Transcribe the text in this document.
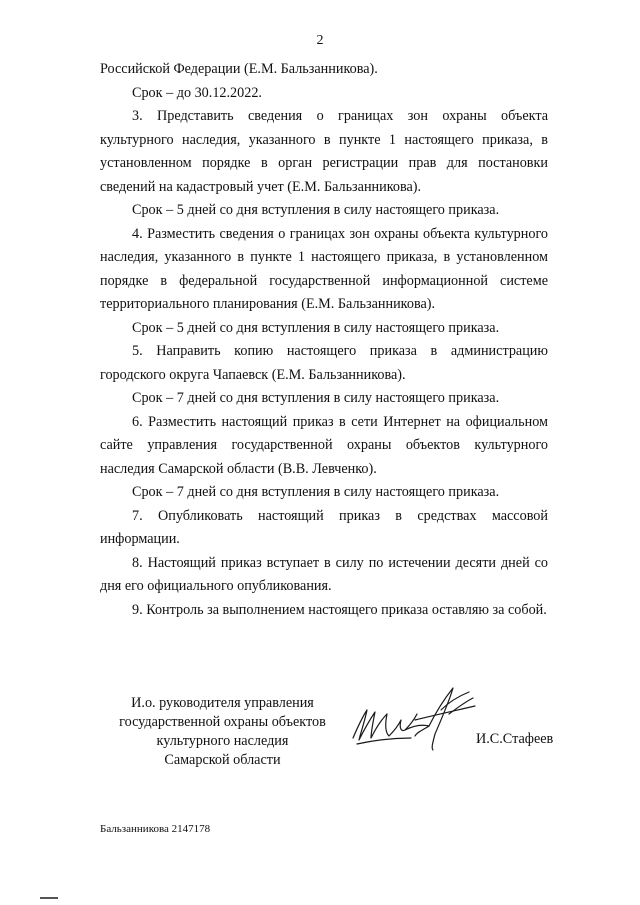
2

Российской Федерации (Е.М. Бальзанникова).

Срок – до 30.12.2022.

3. Представить сведения о границах зон охраны объекта культурного наследия, указанного в пункте 1 настоящего приказа, в установленном порядке в орган регистрации прав для постановки сведений на кадастровый учет (Е.М. Бальзанникова).

Срок – 5 дней со дня вступления в силу настоящего приказа.

4. Разместить сведения о границах зон охраны объекта культурного наследия, указанного в пункте 1 настоящего приказа, в установленном порядке в федеральной государственной информационной системе территориального планирования (Е.М. Бальзанникова).

Срок – 5 дней со дня вступления в силу настоящего приказа.

5. Направить копию настоящего приказа в администрацию городского округа Чапаевск (Е.М. Бальзанникова).

Срок – 7 дней со дня вступления в силу настоящего приказа.

6. Разместить настоящий приказ в сети Интернет на официальном сайте управления государственной охраны объектов культурного наследия Самарской области (В.В. Левченко).

Срок – 7 дней со дня вступления в силу настоящего приказа.

7. Опубликовать настоящий приказ в средствах массовой информации.

8. Настоящий приказ вступает в силу по истечении десяти дней со дня его официального опубликования.

9. Контроль за выполнением настоящего приказа оставляю за собой.

И.о. руководителя управления
государственной охраны объектов
культурного наследия
Самарской области
И.С.Стафеев
Бальзанникова 2147178
